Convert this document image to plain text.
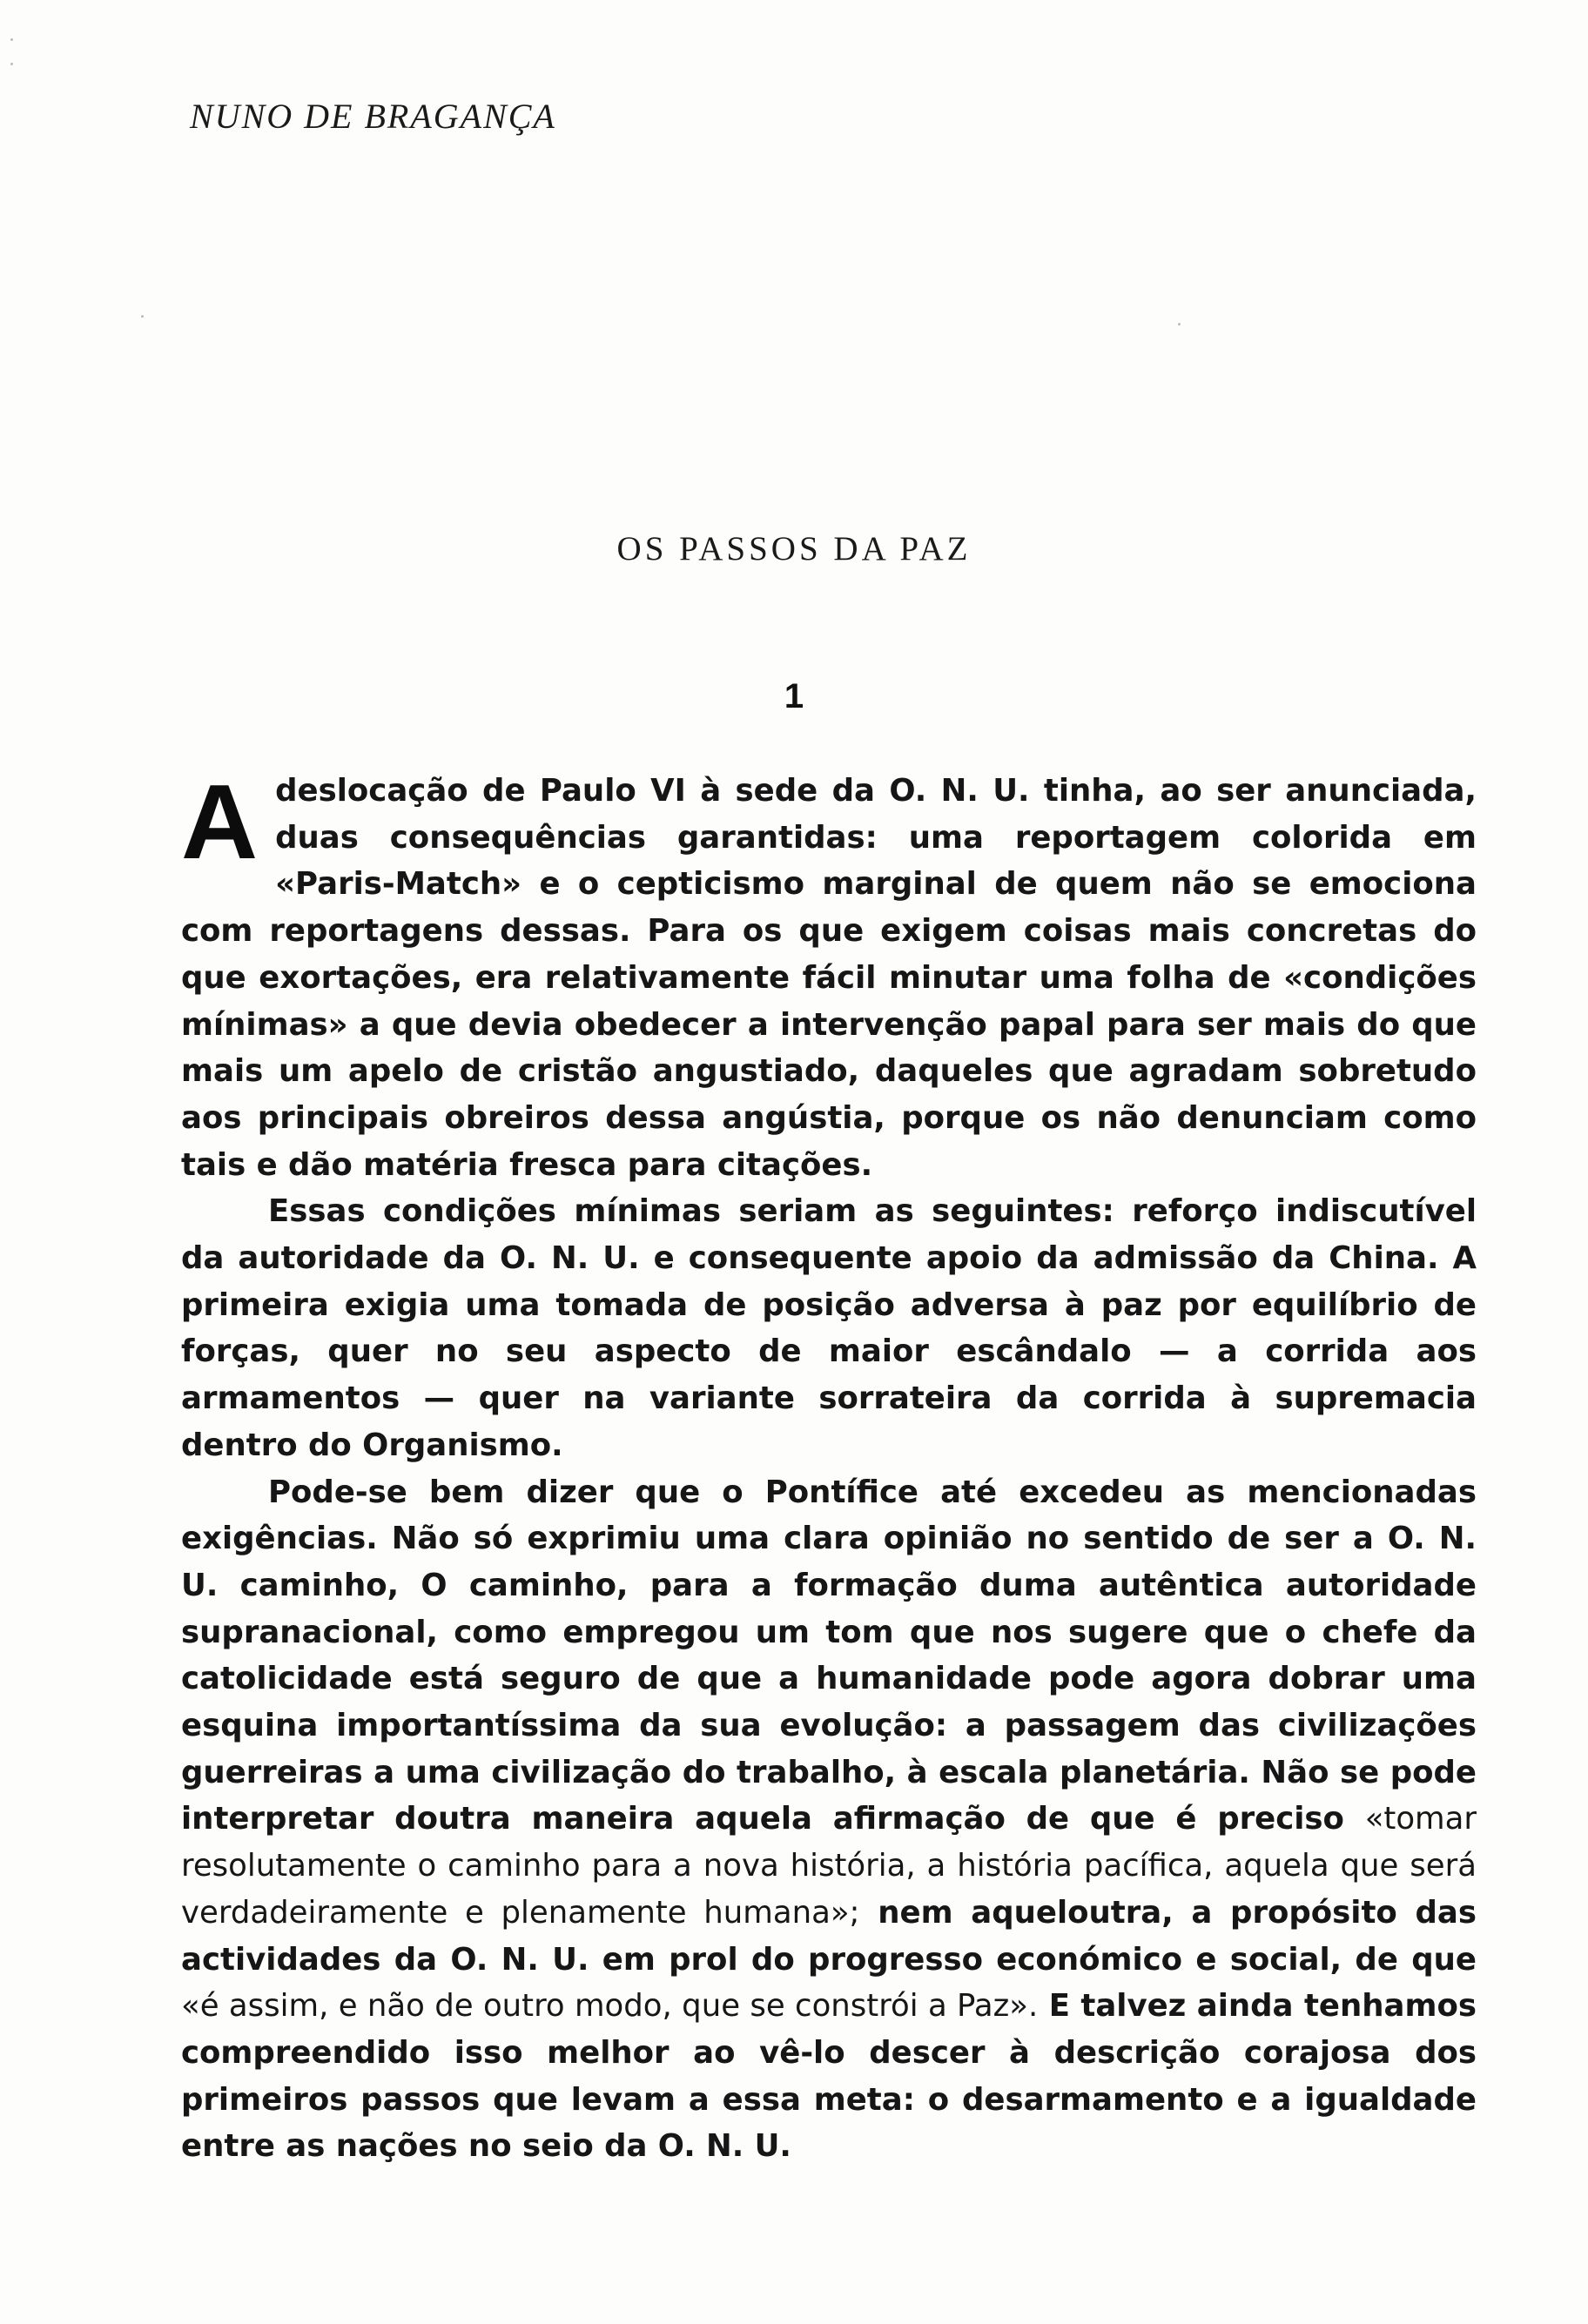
NUNO DE BRAGANÇA
OS PASSOS DA PAZ
1

Adeslocação de Paulo VI à sede da O. N. U. tinha, ao ser anunciada, duas consequências garantidas: uma reportagem colorida em «Paris-Match» e o cepticismo marginal de quem não se emociona com reportagens dessas. Para os que exigem coisas mais concretas do que exortações, era relativamente fácil minutar uma folha de «condições mínimas» a que devia obedecer a intervenção papal para ser mais do que mais um apelo de cristão angustiado, daqueles que agradam sobretudo aos principais obreiros dessa angústia, porque os não denunciam como tais e dão matéria fresca para citações.

Essas condições mínimas seriam as seguintes: reforço indiscutível da autoridade da O. N. U. e consequente apoio da admissão da China. A primeira exigia uma tomada de posição adversa à paz por equilíbrio de forças, quer no seu aspecto de maior escândalo — a corrida aos armamentos — quer na variante sorrateira da corrida à supremacia dentro do Organismo.

Pode-se bem dizer que o Pontífice até excedeu as mencionadas exigências. Não só exprimiu uma clara opinião no sentido de ser a O. N. U. caminho, O caminho, para a formação duma autêntica autoridade supranacional, como empregou um tom que nos sugere que o chefe da catolicidade está seguro de que a humanidade pode agora dobrar uma esquina importantíssima da sua evolução: a passagem das civilizações guerreiras a uma civilização do trabalho, à escala planetária. Não se pode interpretar doutra maneira aquela afirmação de que é preciso «tomar resolutamente o caminho para a nova história, a história pacífica, aquela que será verdadeiramente e plenamente humana»; nem aqueloutra, a propósito das actividades da O. N. U. em prol do progresso económico e social, de que «é assim, e não de outro modo, que se constrói a Paz». E talvez ainda tenhamos compreendido isso melhor ao vê-lo descer à descrição corajosa dos primeiros passos que levam a essa meta: o desarmamento e a igualdade entre as nações no seio da O. N. U.
